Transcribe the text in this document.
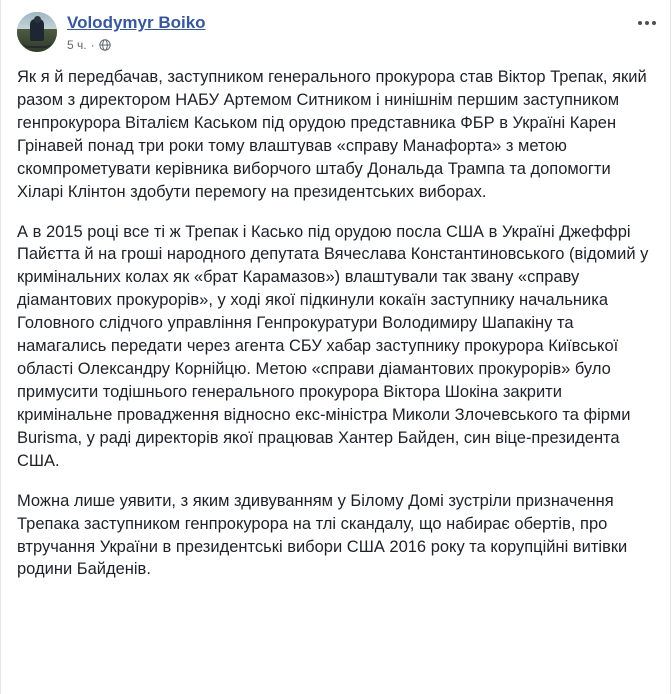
Volodymyr Boiko
5 ч. ·

Як я й передбачав, заступником генерального прокурора став Віктор Трепак, який разом з директором НАБУ Артемом Ситником і нинішнім першим заступником генпрокурора Віталієм Каськом під орудою представника ФБР в Україні Карен Грінавей понад три роки тому влаштував «справу Манафорта» з метою скомпрометувати керівника виборчого штабу Дональда Трампа та допомогти Хіларі Клінтон здобути перемогу на президентських виборах.

А в 2015 році все ті ж Трепак і Касько під орудою посла США в Україні Джеффрі Пайєтта й на гроші народного депутата Вячеслава Константиновського (відомий у кримінальних колах як «брат Карамазов») влаштували так звану «справу діамантових прокурорів», у ході якої підкинули кокаїн заступнику начальника Головного слідчого управління Генпрокуратури Володимиру Шапакіну та намагались передати через агента СБУ хабар заступнику прокурора Київської області Олександру Корнійцю. Метою «справи діамантових прокурорів» було примусити тодішнього генерального прокурора Віктора Шокіна закрити кримінальне провадження відносно екс-міністра Миколи Злочевського та фірми Burisma, у раді директорів якої працював Хантер Байден, син віце-президента США.

Можна лише уявити, з яким здивуванням у Білому Домі зустріли призначення Трепака заступником генпрокурора на тлі скандалу, що набирає обертів, про втручання України в президентські вибори США 2016 року та корупційні витівки родини Байденів.
